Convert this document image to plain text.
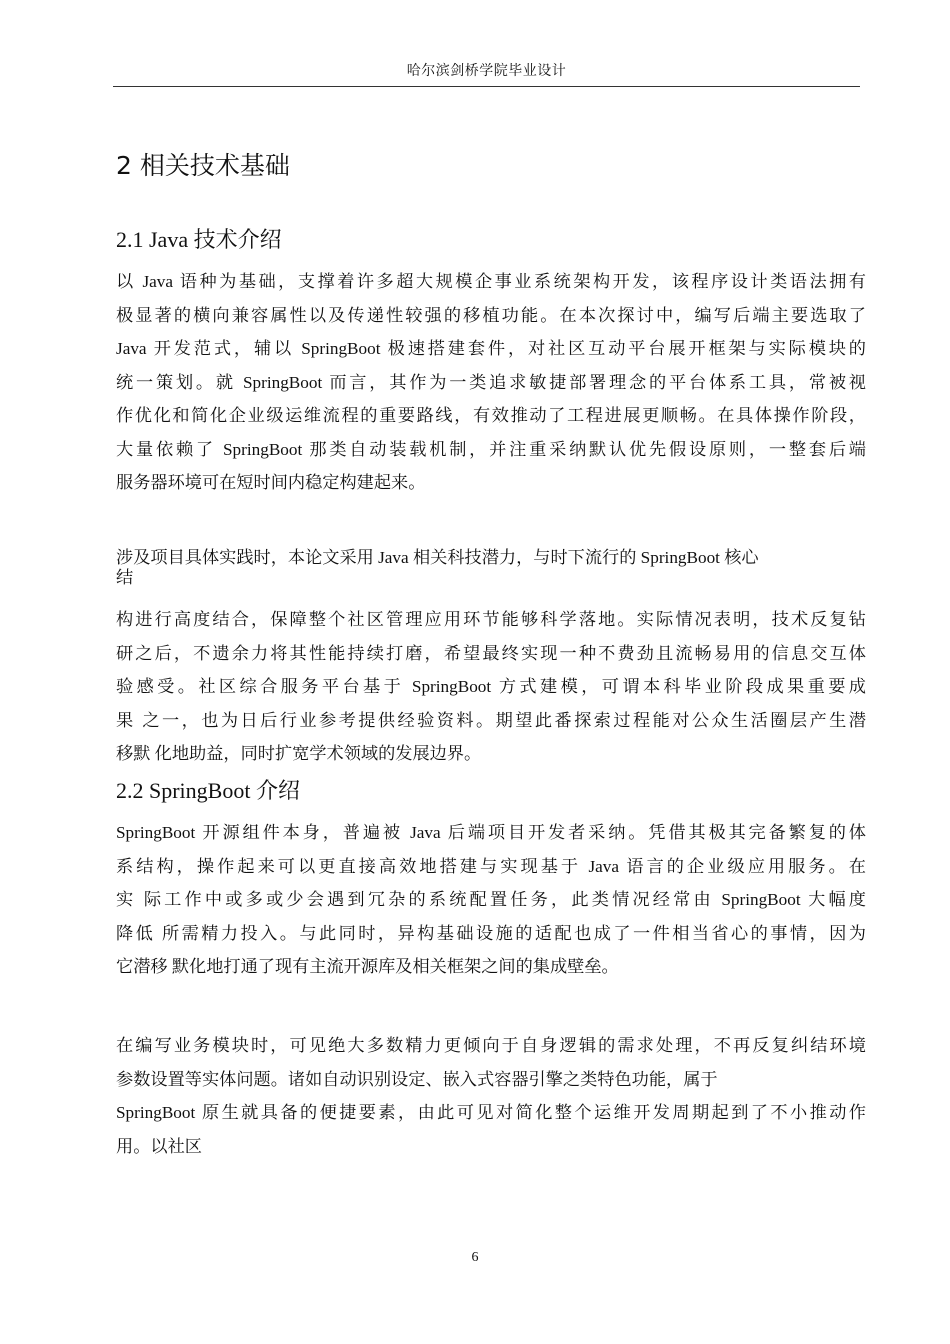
哈尔滨剑桥学院毕业设计
2 相关技术基础
2.1 Java 技术介绍
以 Java 语种为基础，支撑着许多超大规模企事业系统架构开发，该程序设计类语法拥有
极显著的横向兼容属性以及传递性较强的移植功能。在本次探讨中，编写后端主要选取了
Java 开发范式，辅以 SpringBoot 极速搭建套件，对社区互动平台展开框架与实际模块的
统一策划。就 SpringBoot 而言，其作为一类追求敏捷部署理念的平台体系工具，常被视
作优化和简化企业级运维流程的重要路线，有效推动了工程进展更顺畅。在具体操作阶段，
大量依赖了 SpringBoot 那类自动装载机制，并注重采纳默认优先假设原则，一整套后端
服务器环境可在短时间内稳定构建起来。
涉及项目具体实践时，本论文采用 Java 相关科技潜力，与时下流行的 SpringBoot 核心
结
构进行高度结合，保障整个社区管理应用环节能够科学落地。实际情况表明，技术反复钻
研之后，不遗余力将其性能持续打磨，希望最终实现一种不费劲且流畅易用的信息交互体
验感受。社区综合服务平台基于 SpringBoot 方式建模，可谓本科毕业阶段成果重要成
果 之一，也为日后行业参考提供经验资料。期望此番探索过程能对公众生活圈层产生潜
移默 化地助益，同时扩宽学术领域的发展边界。
2.2 SpringBoot 介绍
SpringBoot 开源组件本身，普遍被 Java 后端项目开发者采纳。凭借其极其完备繁复的体
系结构，操作起来可以更直接高效地搭建与实现基于 Java 语言的企业级应用服务。在
实 际工作中或多或少会遇到冗杂的系统配置任务，此类情况经常由 SpringBoot 大幅度
降低 所需精力投入。与此同时，异构基础设施的适配也成了一件相当省心的事情，因为
它潜移 默化地打通了现有主流开源库及相关框架之间的集成壁垒。
在编写业务模块时，可见绝大多数精力更倾向于自身逻辑的需求处理，不再反复纠结环境
参数设置等实体问题。诸如自动识别设定、嵌入式容器引擎之类特色功能，属于
SpringBoot 原生就具备的便捷要素，由此可见对简化整个运维开发周期起到了不小推动作
用。以社区
6
